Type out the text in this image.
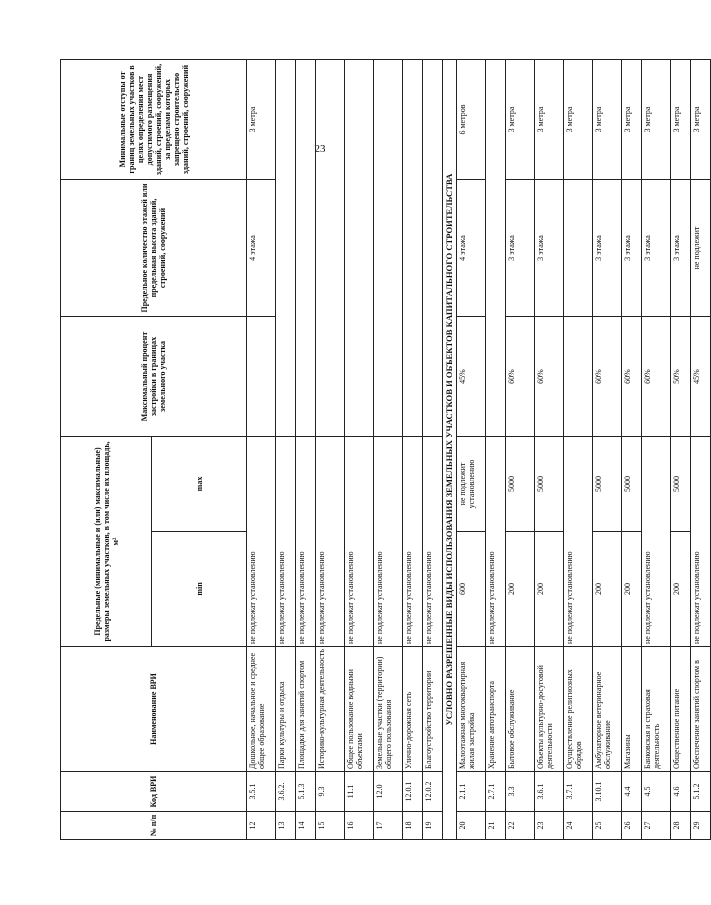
23
№ п/п	Код ВРИ	Наименование ВРИ	Предельные (минимальные и (или) максимальные) размеры земельных участков, в том числе их площадь, м²		Максимальный процент застройки в границах земельного участка	Предельное количество этажей или предельная высота зданий, строений, сооружений	Минимальные отступы от границ земельных участков в целях определения мест допустимого размещения зданий, строений, сооружений, за пределами которых запрещено строительство зданий, строений, сооружений
			min	max			
12	3.5.1	Дошкольное, начальное и среднее общее образование	не подлежат установлению			4 этажа	3 метра
13	3.6.2.	Парки культуры и отдыха	не подлежат установлению				
14	5.1.3	Площадки для занятий спортом	не подлежат установлению				
15	9.3	Историко-культурная деятельность	не подлежат установлению				
16	11.1	Общее пользование водными объектами	не подлежат установлению				
17	12.0	Земельные участки (территории) общего пользования	не подлежат установлению				
18	12.0.1	Улично-дорожная сеть	не подлежат установлению				
19	12.0.2	Благоустройство территории	не подлежат установлению				
УСЛОВНО РАЗРЕШЕННЫЕ ВИДЫ ИСПОЛЬЗОВАНИЯ ЗЕМЕЛЬНЫХ УЧАСТКОВ И ОБЪЕКТОВ КАПИТАЛЬНОГО СТРОИТЕЛЬСТВА							
20	2.1.1	Малоэтажная многоквартирная жилая застройка	600	не подлежит установлению	45%	4 этажа	6 метров
21	2.7.1	Хранение автотранспорта	не подлежат установлению				
22	3.3	Бытовое обслуживание	200	5000	60%	3 этажа	3 метра
23	3.6.1	Объекты культурно-досуговой деятельности	200	5000	60%	3 этажа	3 метра
24	3.7.1	Осуществление религиозных обрядов	не подлежат установлению				3 метра
25	3.10.1	Амбулаторное ветеринарное обслуживание	200	5000	60%	3 этажа	3 метра
26	4.4	Магазины	200	5000	60%	3 этажа	3 метра
27	4.5	Банковская и страховая деятельность	не подлежат установлению		60%	3 этажа	3 метра
28	4.6	Общественное питание	200	5000	50%	3 этажа	3 метра
29	5.1.2	Обеспечение занятий спортом в	не подлежат установлению		45%	не подлежит	3 метра
